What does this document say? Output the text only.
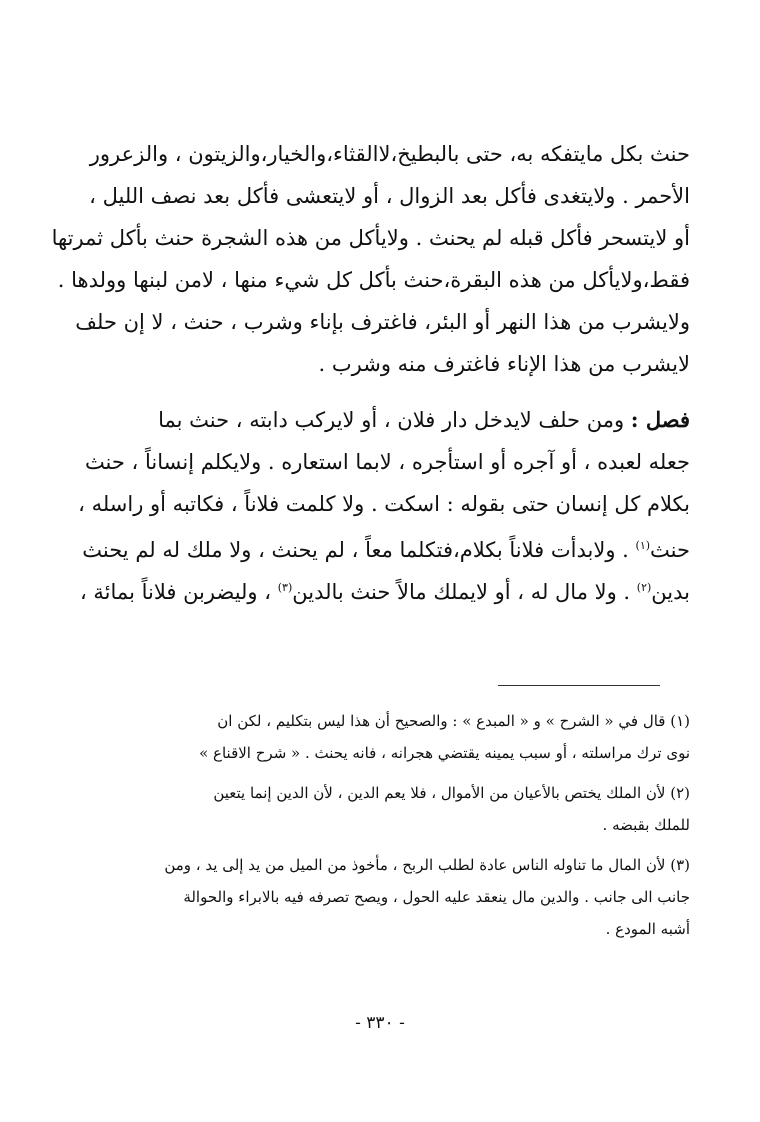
حنث بكل مايتفكه به، حتى بالبطيخ،لاالقثاء،والخيار،والزيتون ، والزعرور
الأحمر . ولايتغدى فأكل بعد الزوال ، أو لايتعشى فأكل بعد نصف الليل ،
أو لايتسحر فأكل قبله لم يحنث . ولايأكل من هذه الشجرة حنث بأكل ثمرتها
فقط،ولايأكل من هذه البقرة،حنث بأكل كل شيء منها ، لامن لبنها وولدها .
ولايشرب من هذا النهر أو البئر، فاغترف بإناء وشرب ، حنث ، لا إن حلف
لايشرب من هذا الإناء فاغترف منه وشرب .
فصل : ومن حلف لايدخل دار فلان ، أو لايركب دابته ، حنث بما
جعله لعبده ، أو آجره أو استأجره ، لابما استعاره . ولايكلم إنساناً ، حنث
بكلام كل إنسان حتى بقوله : اسكت . ولا كلمت فلاناً ، فكاتبه أو راسله ،
حنث$^{(١)}$ . ولابدأت فلاناً بكلام،فتكلما معاً ، لم يحنث ، ولا ملك له لم يحنث
بدين$^{(٢)}$ . ولا مال له ، أو لايملك مالاً حنث بالدين$^{(٣)}$ ، وليضربن فلاناً بمائة ،
(١) قال في « الشرح » و « المبدع » : والصحيح أن هذا ليس بتكليم ، لكن ان
نوى ترك مراسلته ، أو سبب يمينه يقتضي هجرانه ، فانه يحنث . « شرح الاقناع »
(٢) لأن الملك يختص بالأعيان من الأموال ، فلا يعم الدين ، لأن الدين إنما يتعين
للملك بقبضه .
(٣) لأن المال ما تناوله الناس عادة لطلب الربح ، مأخوذ من الميل من يد إلى يد ، ومن
جانب الى جانب . والدين مال ينعقد عليه الحول ، ويصح تصرفه فيه بالابراء والحوالة
أشبه المودع .
- ٣٣٠ -
